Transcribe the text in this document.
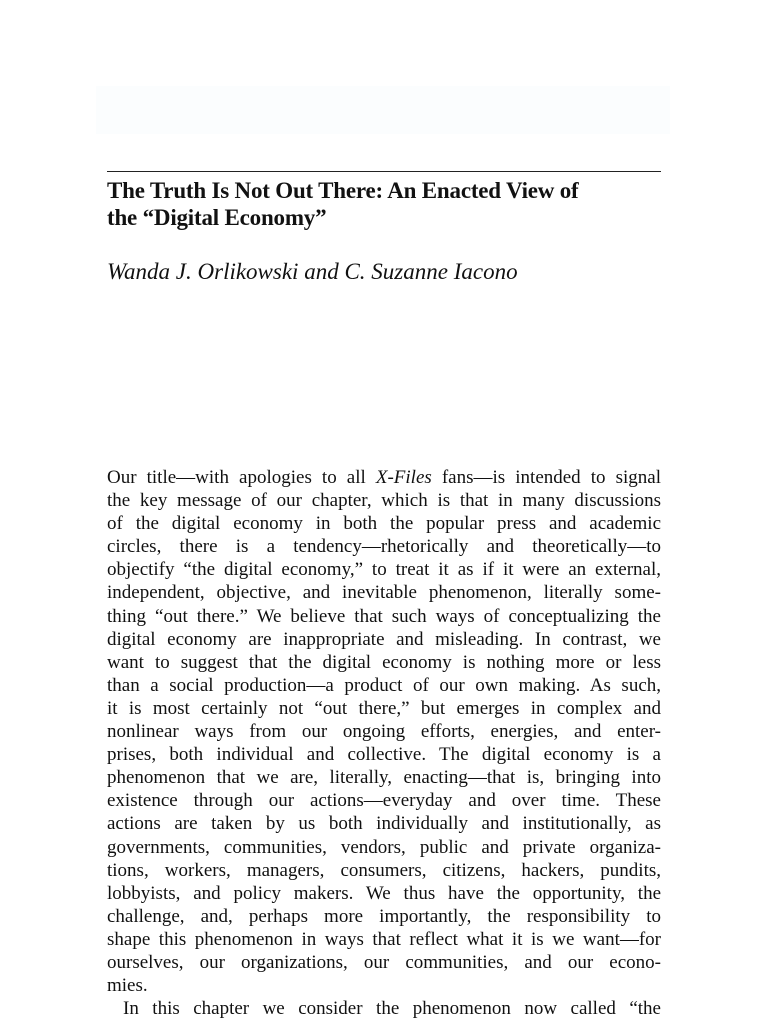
The Truth Is Not Out There: An Enacted View of
the “Digital Economy”

Wanda J. Orlikowski and C. Suzanne Iacono

Our title—with apologies to all X-Files fans—is intended to signal
the key message of our chapter, which is that in many discussions
of the digital economy in both the popular press and academic
circles, there is a tendency—rhetorically and theoretically—to
objectify “the digital economy,” to treat it as if it were an external,
independent, objective, and inevitable phenomenon, literally some-
thing “out there.” We believe that such ways of conceptualizing the
digital economy are inappropriate and misleading. In contrast, we
want to suggest that the digital economy is nothing more or less
than a social production—a product of our own making. As such,
it is most certainly not “out there,” but emerges in complex and
nonlinear ways from our ongoing efforts, energies, and enter-
prises, both individual and collective. The digital economy is a
phenomenon that we are, literally, enacting—that is, bringing into
existence through our actions—everyday and over time. These
actions are taken by us both individually and institutionally, as
governments, communities, vendors, public and private organiza-
tions, workers, managers, consumers, citizens, hackers, pundits,
lobbyists, and policy makers. We thus have the opportunity, the
challenge, and, perhaps more importantly, the responsibility to
shape this phenomenon in ways that reflect what it is we want—for
ourselves, our organizations, our communities, and our econo-
mies.
In this chapter we consider the phenomenon now called “the
